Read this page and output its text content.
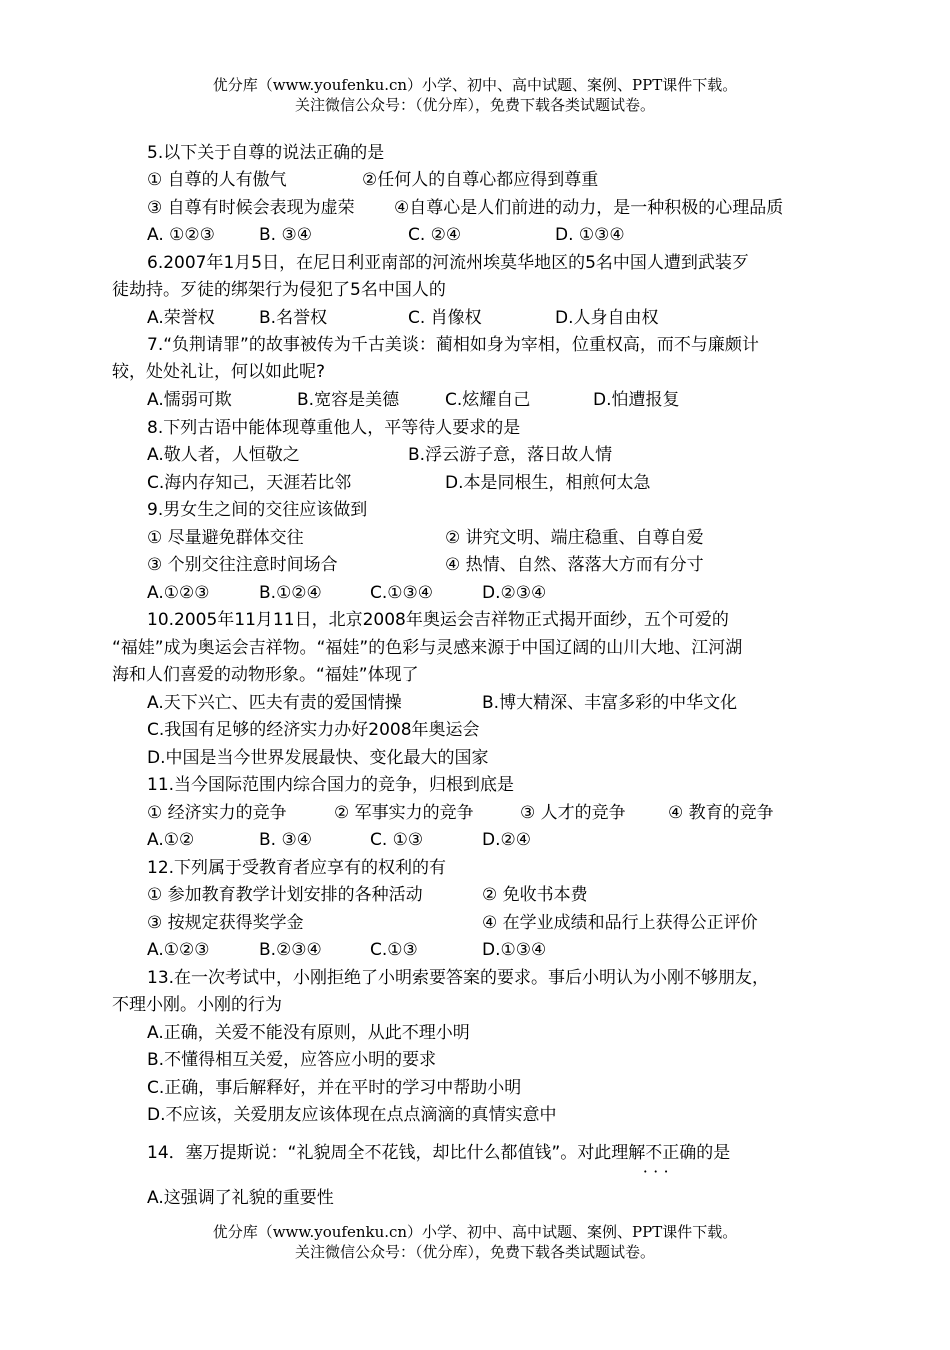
优分库（www.youfenku.cn）小学、初中、高中试题、案例、PPT课件下载。
关注微信公众号：（优分库），免费下载各类试题试卷。
5.以下关于自尊的说法正确的是
① 自尊的人有傲气	②任何人的自尊心都应得到尊重
③ 自尊有时候会表现为虚荣 ④自尊心是人们前进的动力，是一种积极的心理品质
A. ①②③	B. ③④	C. ②④	D. ①③④
6.2007年1月5日，在尼日利亚南部的河流州埃莫华地区的5名中国人遭到武装歹
徒劫持。歹徒的绑架行为侵犯了5名中国人的
A.荣誉权	B.名誉权	C. 肖像权	D.人身自由权
7.“负荆请罪”的故事被传为千古美谈：蔺相如身为宰相，位重权高，而不与廉颇计
较，处处礼让，何以如此呢?
A.懦弱可欺	B.宽容是美德	C.炫耀自己	D.怕遭报复
8.下列古语中能体现尊重他人，平等待人要求的是
A.敬人者，人恒敬之	B.浮云游子意，落日故人情
C.海内存知己，天涯若比邻	D.本是同根生，相煎何太急
9.男女生之间的交往应该做到
① 尽量避免群体交往	② 讲究文明、端庄稳重、自尊自爱
③ 个别交往注意时间场合	④ 热情、自然、落落大方而有分寸
A.①②③	B.①②④	C.①③④	D.②③④
10.2005年11月11日，北京2008年奥运会吉祥物正式揭开面纱，五个可爱的
“福娃”成为奥运会吉祥物。“福娃”的色彩与灵感来源于中国辽阔的山川大地、江河湖
海和人们喜爱的动物形象。“福娃”体现了
A.天下兴亡、匹夫有责的爱国情操	B.博大精深、丰富多彩的中华文化
C.我国有足够的经济实力办好2008年奥运会
D.中国是当今世界发展最快、变化最大的国家
11.当今国际范围内综合国力的竞争，归根到底是
① 经济实力的竞争	② 军事实力的竞争	③ 人才的竞争 ④ 教育的竞争
A.①②	B. ③④	C. ①③	D.②④
12.下列属于受教育者应享有的权利的有
① 参加教育教学计划安排的各种活动	② 免收书本费
③ 按规定获得奖学金	④ 在学业成绩和品行上获得公正评价
A.①②③	B.②③④	C.①③	D.①③④
13.在一次考试中，小刚拒绝了小明索要答案的要求。事后小明认为小刚不够朋友，
不理小刚。小刚的行为
A.正确，关爱不能没有原则，从此不理小明
B.不懂得相互关爱，应答应小明的要求
C.正确，事后解释好，并在平时的学习中帮助小明
D.不应该，关爱朋友应该体现在点点滴滴的真情实意中
14．塞万提斯说：“礼貌周全不花钱，却比什么都值钱”。对此理解不正确 • • •的是
A.这强调了礼貌的重要性
优分库（www.youfenku.cn）小学、初中、高中试题、案例、PPT课件下载。
关注微信公众号：（优分库），免费下载各类试题试卷。
